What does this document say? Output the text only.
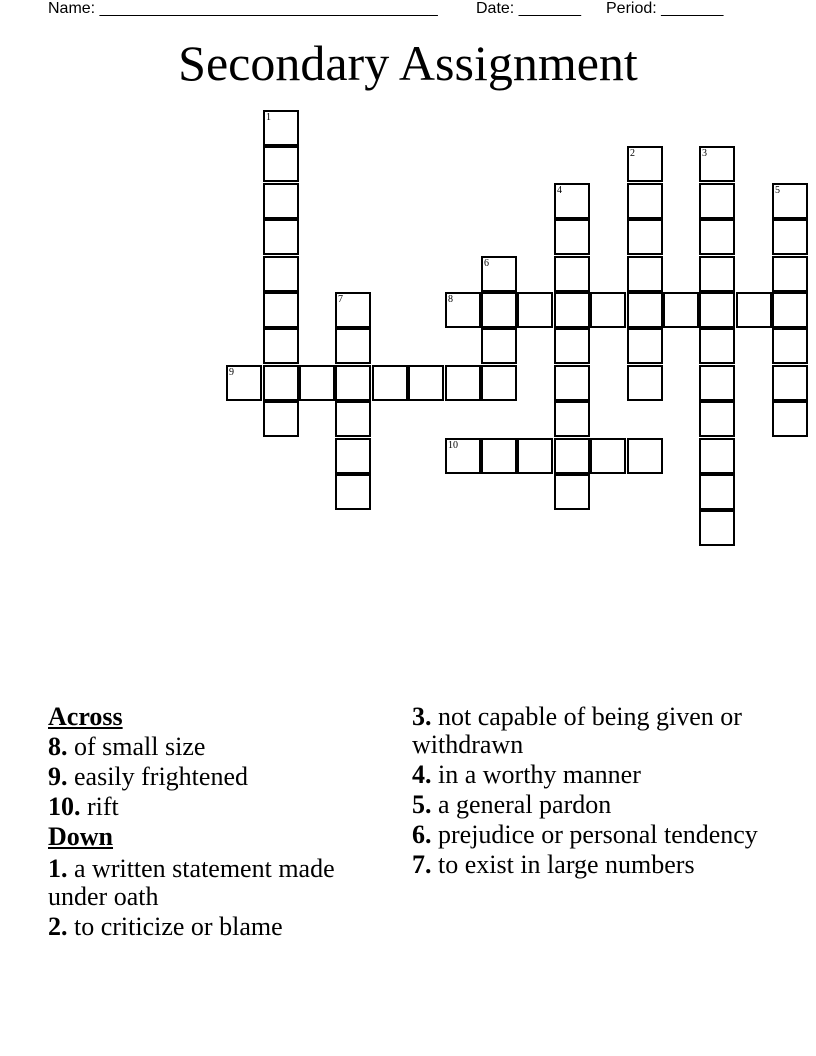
Name: ______________________________________ Date: _______ Period: _______
Secondary Assignment
1
2	3
4	5
6
7	8
9
10
Across
8. of small size
9. easily frightened
10. rift
Down
1. a written statement made under oath
2. to criticize or blame
3. not capable of being given or withdrawn
4. in a worthy manner
5. a general pardon
6. prejudice or personal tendency
7. to exist in large numbers
